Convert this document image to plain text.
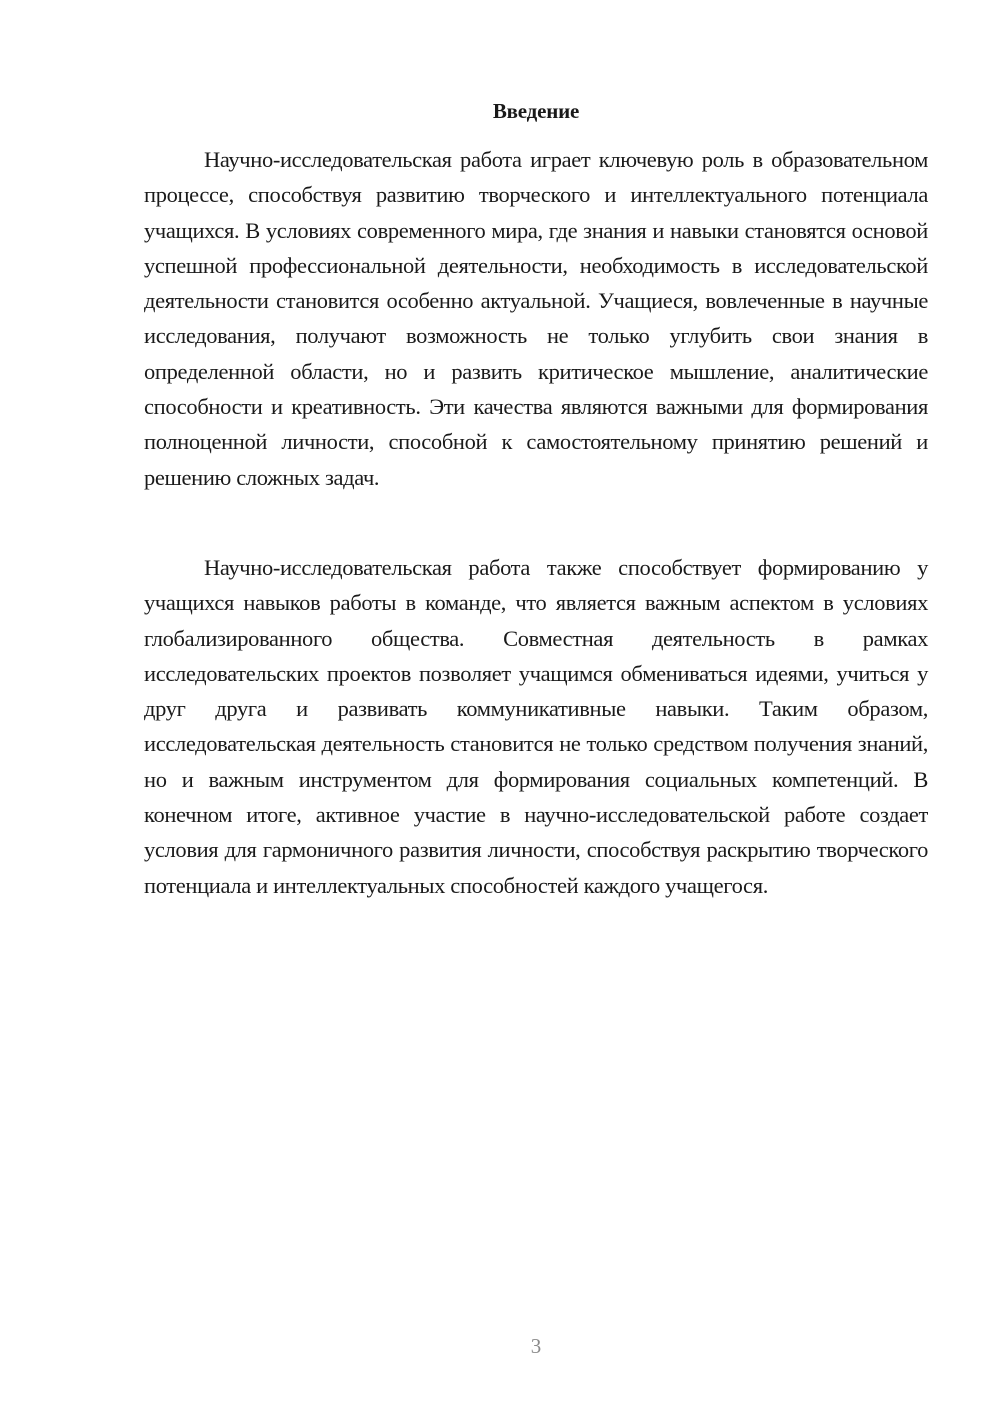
Введение

Научно-исследовательская работа играет ключевую роль в образовательном процессе, способствуя развитию творческого и интеллектуального потенциала учащихся. В условиях современного мира, где знания и навыки становятся основой успешной профессиональной деятельности, необходимость в исследовательской деятельности становится особенно актуальной. Учащиеся, вовлеченные в научные исследования, получают возможность не только углубить свои знания в определенной области, но и развить критическое мышление, аналитические способности и креативность. Эти качества являются важными для формирования полноценной личности, способной к самостоятельному принятию решений и решению сложных задач.

Научно-исследовательская работа также способствует формированию у учащихся навыков работы в команде, что является важным аспектом в условиях глобализированного общества. Совместная деятельность в рамках исследовательских проектов позволяет учащимся обмениваться идеями, учиться у друг друга и развивать коммуникативные навыки. Таким образом, исследовательская деятельность становится не только средством получения знаний, но и важным инструментом для формирования социальных компетенций. В конечном итоге, активное участие в научно-исследовательской работе создает условия для гармоничного развития личности, способствуя раскрытию творческого потенциала и интеллектуальных способностей каждого учащегося.

3
